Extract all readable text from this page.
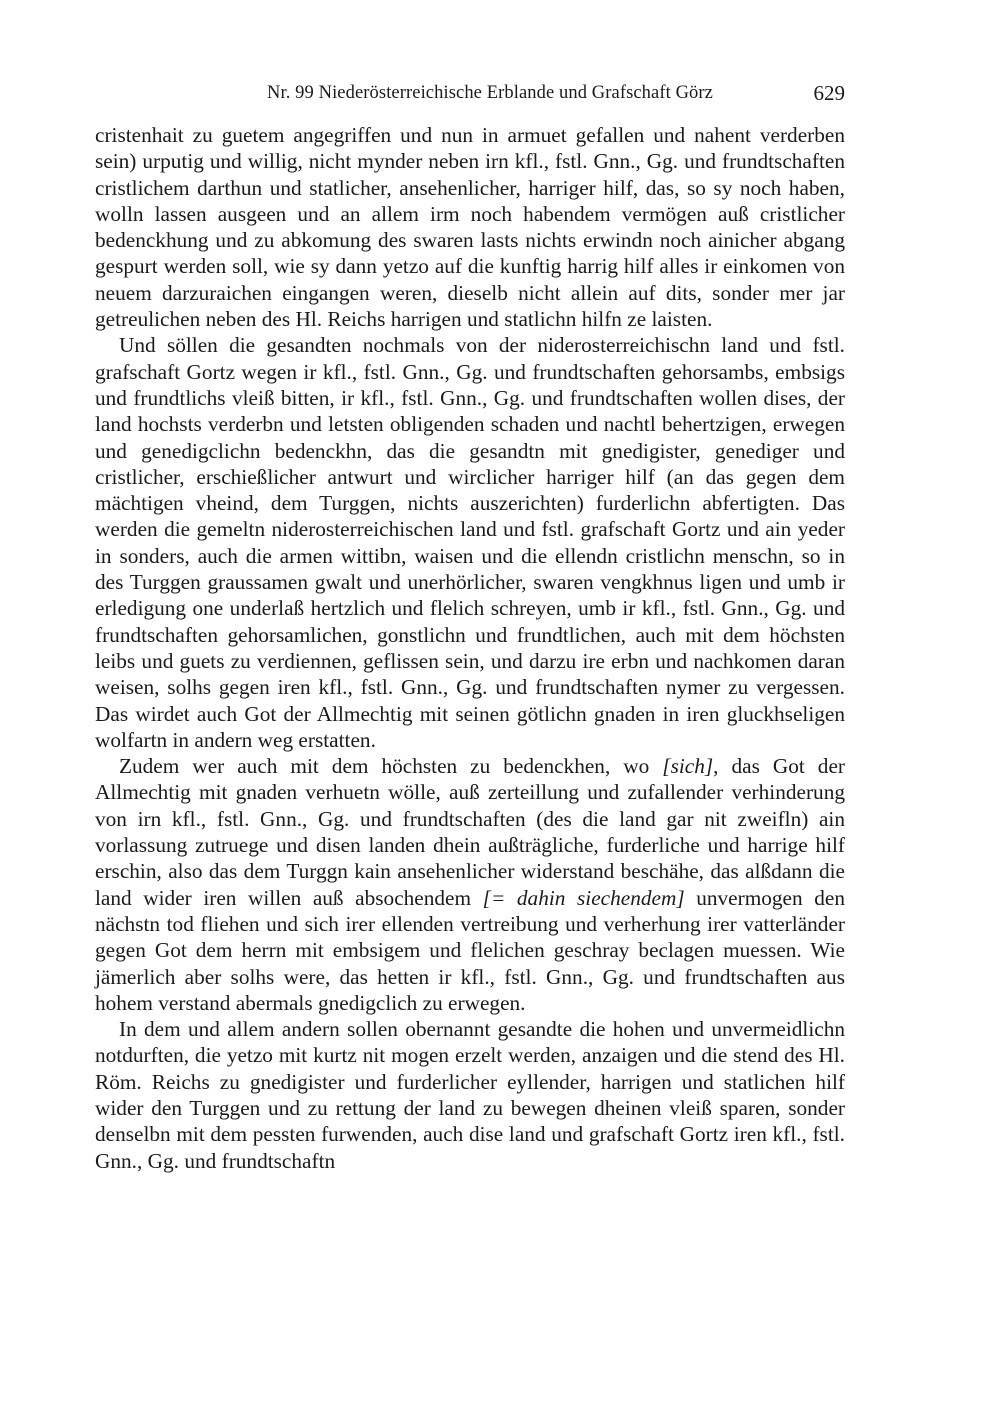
Nr. 99 Niederösterreichische Erblande und Grafschaft Görz	629

cristenhait zu guetem angegriffen und nun in armuet gefallen und nahent verderben sein) urputig und willig, nicht mynder neben irn kfl., fstl. Gnn., Gg. und frundtschaften cristlichem darthun und statlicher, ansehenlicher, harriger hilf, das, so sy noch haben, wolln lassen ausgeen und an allem irm noch habendem vermögen auß cristlicher bedenckhung und zu abkomung des swaren lasts nichts erwindn noch ainicher abgang gespurt werden soll, wie sy dann yetzo auf die kunftig harrig hilf alles ir einkomen von neuem darzuraichen eingangen weren, dieselb nicht allein auf dits, sonder mer jar getreulichen neben des Hl. Reichs harrigen und statlichn hilfn ze laisten.

Und söllen die gesandten nochmals von der niderosterreichischn land und fstl. grafschaft Gortz wegen ir kfl., fstl. Gnn., Gg. und frundtschaften gehorsambs, embsigs und frundtlichs vleiß bitten, ir kfl., fstl. Gnn., Gg. und frundtschaften wollen dises, der land hochsts verderbn und letsten obligenden schaden und nachtl behertzigen, erwegen und genedigclichn bedenckhn, das die gesandtn mit gnedigister, genediger und cristlicher, erschießlicher antwurt und wirclicher harriger hilf (an das gegen dem mächtigen vheind, dem Turggen, nichts auszerichten) furderlichn abfertigten. Das werden die gemeltn niderosterreichischen land und fstl. grafschaft Gortz und ain yeder in sonders, auch die armen wittibn, waisen und die ellendn cristlichn menschn, so in des Turggen graussamen gwalt und unerhörlicher, swaren vengkhnus ligen und umb ir erledigung one underlaß hertzlich und flelich schreyen, umb ir kfl., fstl. Gnn., Gg. und frundtschaften gehorsamlichen, gonstlichn und frundtlichen, auch mit dem höchsten leibs und guets zu verdiennen, geflissen sein, und darzu ire erbn und nachkomen daran weisen, solhs gegen iren kfl., fstl. Gnn., Gg. und frundtschaften nymer zu vergessen. Das wirdet auch Got der Allmechtig mit seinen götlichn gnaden in iren gluckhseligen wolfartn in andern weg erstatten.

Zudem wer auch mit dem höchsten zu bedenckhen, wo [sich], das Got der Allmechtig mit gnaden verhuetn wölle, auß zerteillung und zufallender verhinderung von irn kfl., fstl. Gnn., Gg. und frundtschaften (des die land gar nit zweifln) ain vorlassung zutruege und disen landen dhein außträgliche, furderliche und harrige hilf erschin, also das dem Turggn kain ansehenlicher widerstand beschähe, das alßdann die land wider iren willen auß absochendem [= dahin siechendem] unvermogen den nächstn tod fliehen und sich irer ellenden vertreibung und verherhung irer vatterländer gegen Got dem herrn mit embsigem und flelichen geschray beclagen muessen. Wie jämerlich aber solhs were, das hetten ir kfl., fstl. Gnn., Gg. und frundtschaften aus hohem verstand abermals gnedigclich zu erwegen.

In dem und allem andern sollen obernannt gesandte die hohen und unvermeidlichn notdurften, die yetzo mit kurtz nit mogen erzelt werden, anzaigen und die stend des Hl. Röm. Reichs zu gnedigister und furderlicher eyllender, harrigen und statlichen hilf wider den Turggen und zu rettung der land zu bewegen dheinen vleiß sparen, sonder denselbn mit dem pessten furwenden, auch dise land und grafschaft Gortz iren kfl., fstl. Gnn., Gg. und frundtschaftn
